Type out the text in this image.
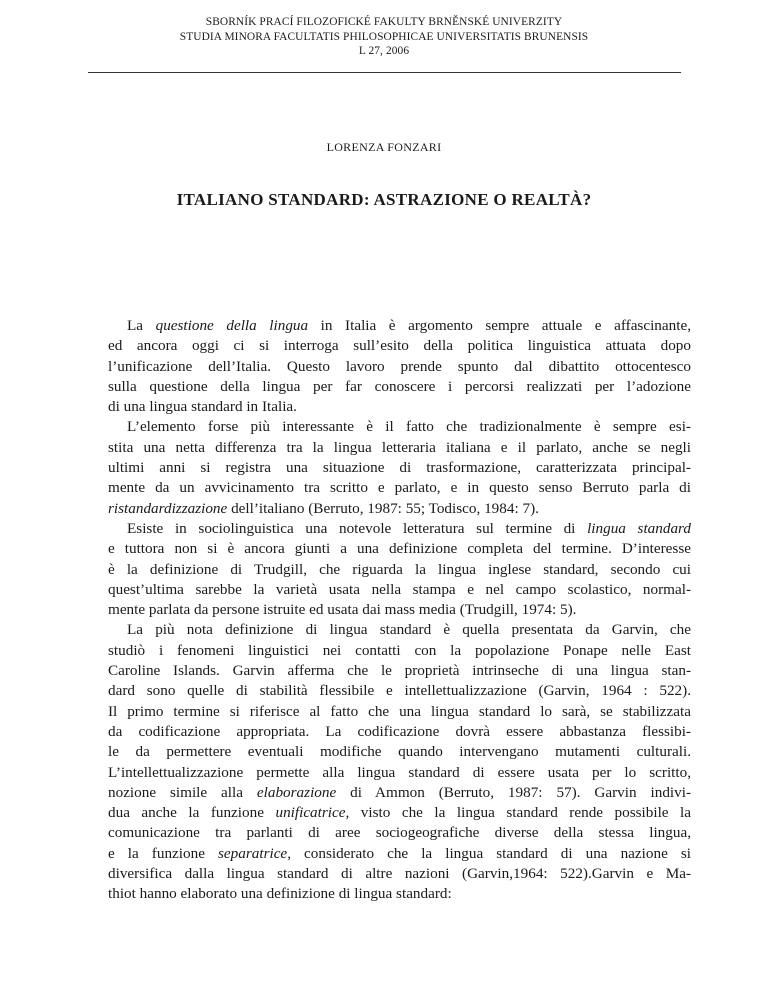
SBORNÍK PRACÍ FILOZOFICKÉ FAKULTY BRNĚNSKÉ UNIVERZITY
STUDIA MINORA FACULTATIS PHILOSOPHICAE UNIVERSITATIS BRUNENSIS
L 27, 2006
LORENZA FONZARI
ITALIANO STANDARD: ASTRAZIONE O REALTÀ?
La questione della lingua in Italia è argomento sempre attuale e affascinante,
ed ancora oggi ci si interroga sull’esito della politica linguistica attuata dopo
l’unificazione dell’Italia. Questo lavoro prende spunto dal dibattito ottocentesco
sulla questione della lingua per far conoscere i percorsi realizzati per l’adozione
di una lingua standard in Italia.
L’elemento forse più interessante è il fatto che tradizionalmente è sempre esi-
stita una netta differenza tra la lingua letteraria italiana e il parlato, anche se negli
ultimi anni si registra una situazione di trasformazione, caratterizzata principal-
mente da un avvicinamento tra scritto e parlato, e in questo senso Berruto parla di
ristandardizzazione dell’italiano (Berruto, 1987: 55; Todisco, 1984: 7).
Esiste in sociolinguistica una notevole letteratura sul termine di lingua standard
e tuttora non si è ancora giunti a una definizione completa del termine. D’interesse
è la definizione di Trudgill, che riguarda la lingua inglese standard, secondo cui
quest’ultima sarebbe la varietà usata nella stampa e nel campo scolastico, normal-
mente parlata da persone istruite ed usata dai mass media (Trudgill, 1974: 5).
La più nota definizione di lingua standard è quella presentata da Garvin, che
studiò i fenomeni linguistici nei contatti con la popolazione Ponape nelle East
Caroline Islands. Garvin afferma che le proprietà intrinseche di una lingua stan-
dard sono quelle di stabilità flessibile e intellettualizzazione (Garvin, 1964 : 522).
Il primo termine si riferisce al fatto che una lingua standard lo sarà, se stabilizzata
da codificazione appropriata. La codificazione dovrà essere abbastanza flessibi-
le da permettere eventuali modifiche quando intervengano mutamenti culturali.
L’intellettualizzazione permette alla lingua standard di essere usata per lo scritto,
nozione simile alla elaborazione di Ammon (Berruto, 1987: 57). Garvin indivi-
dua anche la funzione unificatrice, visto che la lingua standard rende possibile la
comunicazione tra parlanti di aree sociogeografiche diverse della stessa lingua,
e la funzione separatrice, considerato che la lingua standard di una nazione si
diversifica dalla lingua standard di altre nazioni (Garvin,1964: 522).Garvin e Ma-
thiot hanno elaborato una definizione di lingua standard:
